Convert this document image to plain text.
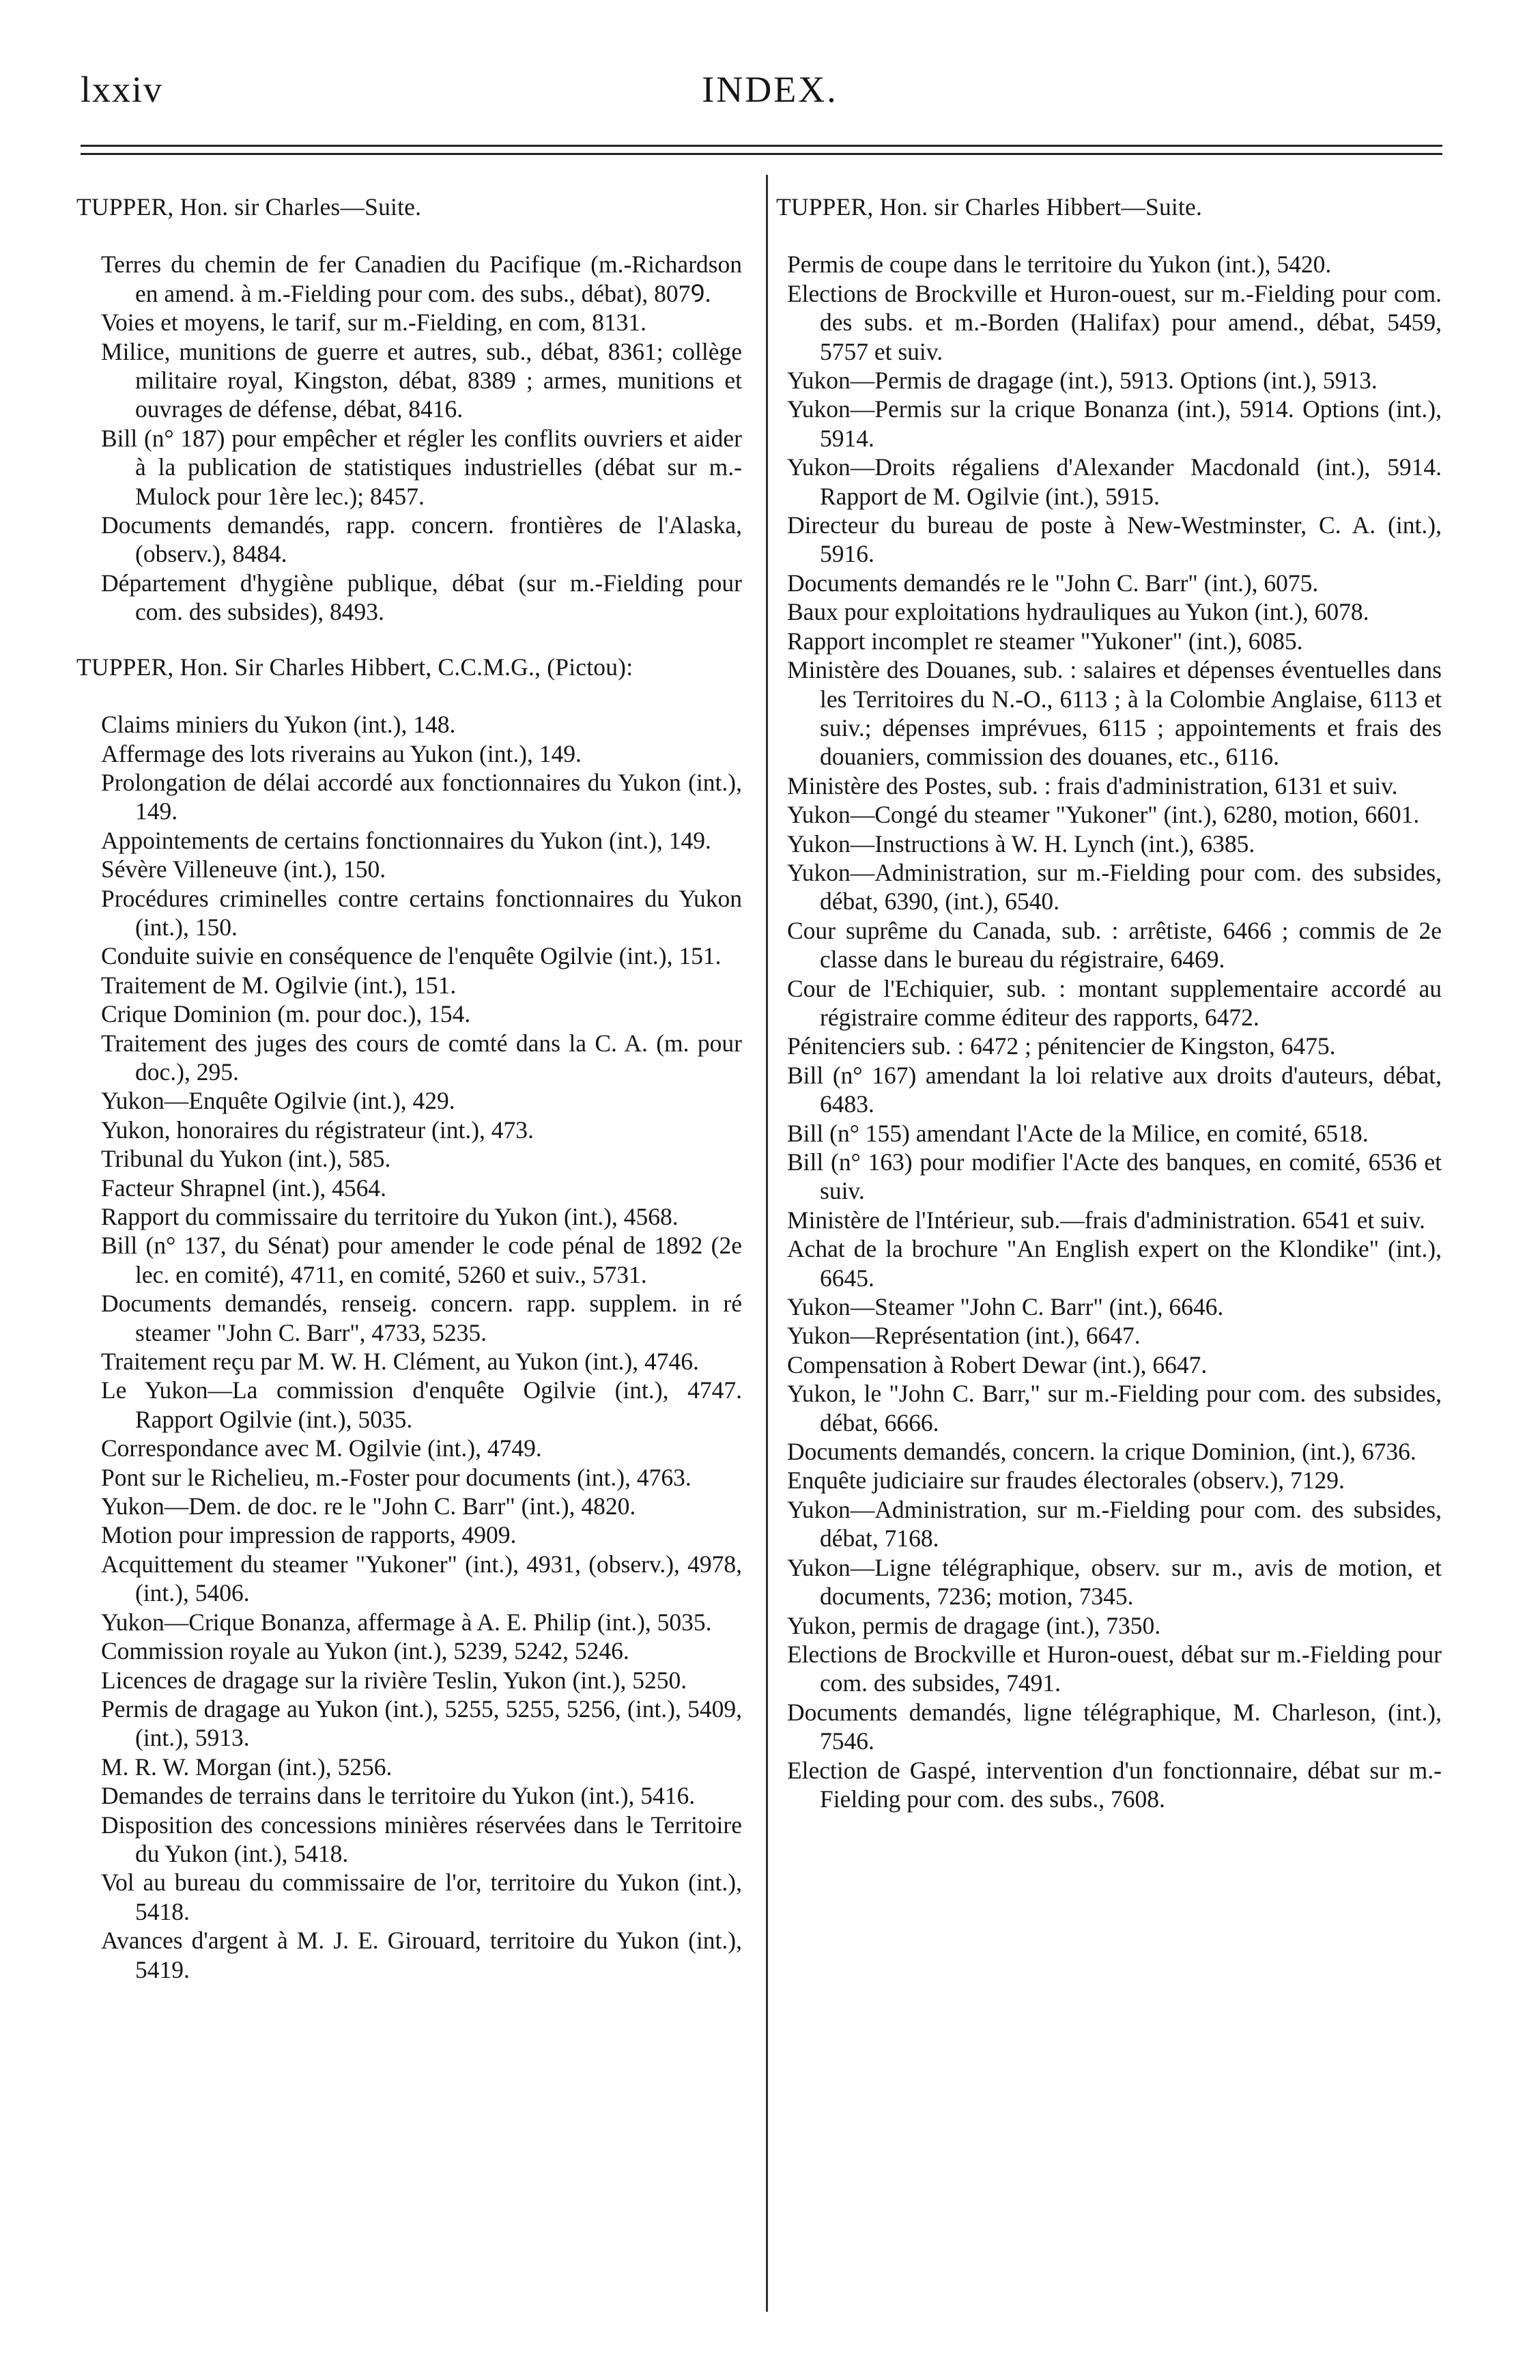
lxxiv	INDEX.

TUPPER, Hon. sir Charles—Suite.

Terres du chemin de fer Canadien du Pacifique (m.-Richardson en amend. à m.-Fielding pour com. des subs., débat), 807Ꝯ.

Voies et moyens, le tarif, sur m.-Fielding, en com, 8131.

Milice, munitions de guerre et autres, sub., débat, 8361; collège militaire royal, Kingston, débat, 8389 ; armes, munitions et ouvrages de défense, débat, 8416.

Bill (n° 187) pour empêcher et régler les conflits ouvriers et aider à la publication de statistiques industrielles (débat sur m.-Mulock pour 1ère lec.); 8457.

Documents demandés, rapp. concern. frontières de l'Alaska, (observ.), 8484.

Département d'hygiène publique, débat (sur m.-Fielding pour com. des subsides), 8493.

TUPPER, Hon. Sir Charles Hibbert, C.C.M.G., (Pictou):

Claims miniers du Yukon (int.), 148.

Affermage des lots riverains au Yukon (int.), 149.

Prolongation de délai accordé aux fonctionnaires du Yukon (int.), 149.

Appointements de certains fonctionnaires du Yukon (int.), 149.

Sévère Villeneuve (int.), 150.

Procédures criminelles contre certains fonctionnaires du Yukon (int.), 150.

Conduite suivie en conséquence de l'enquête Ogilvie (int.), 151.

Traitement de M. Ogilvie (int.), 151.

Crique Dominion (m. pour doc.), 154.

Traitement des juges des cours de comté dans la C. A. (m. pour doc.), 295.

Yukon—Enquête Ogilvie (int.), 429.

Yukon, honoraires du régistrateur (int.), 473.

Tribunal du Yukon (int.), 585.

Facteur Shrapnel (int.), 4564.

Rapport du commissaire du territoire du Yukon (int.), 4568.

Bill (n° 137, du Sénat) pour amender le code pénal de 1892 (2e lec. en comité), 4711, en comité, 5260 et suiv., 5731.

Documents demandés, renseig. concern. rapp. supplem. in ré steamer "John C. Barr", 4733, 5235.

Traitement reçu par M. W. H. Clément, au Yukon (int.), 4746.

Le Yukon—La commission d'enquête Ogilvie (int.), 4747. Rapport Ogilvie (int.), 5035.

Correspondance avec M. Ogilvie (int.), 4749.

Pont sur le Richelieu, m.-Foster pour documents (int.), 4763.

Yukon—Dem. de doc. re le "John C. Barr" (int.), 4820.

Motion pour impression de rapports, 4909.

Acquittement du steamer "Yukoner" (int.), 4931, (observ.), 4978, (int.), 5406.

Yukon—Crique Bonanza, affermage à A. E. Philip (int.), 5035.

Commission royale au Yukon (int.), 5239, 5242, 5246.

Licences de dragage sur la rivière Teslin, Yukon (int.), 5250.

Permis de dragage au Yukon (int.), 5255, 5255, 5256, (int.), 5409, (int.), 5913.

M. R. W. Morgan (int.), 5256.

Demandes de terrains dans le territoire du Yukon (int.), 5416.

Disposition des concessions minières réservées dans le Territoire du Yukon (int.), 5418.

Vol au bureau du commissaire de l'or, territoire du Yukon (int.), 5418.

Avances d'argent à M. J. E. Girouard, territoire du Yukon (int.), 5419.

TUPPER, Hon. sir Charles Hibbert—Suite.

Permis de coupe dans le territoire du Yukon (int.), 5420.

Elections de Brockville et Huron-ouest, sur m.-Fielding pour com. des subs. et m.-Borden (Halifax) pour amend., débat, 5459, 5757 et suiv.

Yukon—Permis de dragage (int.), 5913. Options (int.), 5913.

Yukon—Permis sur la crique Bonanza (int.), 5914. Options (int.), 5914.

Yukon—Droits régaliens d'Alexander Macdonald (int.), 5914. Rapport de M. Ogilvie (int.), 5915.

Directeur du bureau de poste à New-Westminster, C. A. (int.), 5916.

Documents demandés re le "John C. Barr" (int.), 6075.

Baux pour exploitations hydrauliques au Yukon (int.), 6078.

Rapport incomplet re steamer "Yukoner" (int.), 6085.

Ministère des Douanes, sub. : salaires et dépenses éventuelles dans les Territoires du N.-O., 6113 ; à la Colombie Anglaise, 6113 et suiv.; dépenses imprévues, 6115 ; appointements et frais des douaniers, commission des douanes, etc., 6116.

Ministère des Postes, sub. : frais d'administration, 6131 et suiv.

Yukon—Congé du steamer "Yukoner" (int.), 6280, motion, 6601.

Yukon—Instructions à W. H. Lynch (int.), 6385.

Yukon—Administration, sur m.-Fielding pour com. des subsides, débat, 6390, (int.), 6540.

Cour suprême du Canada, sub. : arrêtiste, 6466 ; commis de 2e classe dans le bureau du régistraire, 6469.

Cour de l'Echiquier, sub. : montant supplementaire accordé au régistraire comme éditeur des rapports, 6472.

Pénitenciers sub. : 6472 ; pénitencier de Kingston, 6475.

Bill (n° 167) amendant la loi relative aux droits d'auteurs, débat, 6483.

Bill (n° 155) amendant l'Acte de la Milice, en comité, 6518.

Bill (n° 163) pour modifier l'Acte des banques, en comité, 6536 et suiv.

Ministère de l'Intérieur, sub.—frais d'administration. 6541 et suiv.

Achat de la brochure "An English expert on the Klondike" (int.), 6645.

Yukon—Steamer "John C. Barr" (int.), 6646.

Yukon—Représentation (int.), 6647.

Compensation à Robert Dewar (int.), 6647.

Yukon, le "John C. Barr," sur m.-Fielding pour com. des subsides, débat, 6666.

Documents demandés, concern. la crique Dominion, (int.), 6736.

Enquête judiciaire sur fraudes électorales (observ.), 7129.

Yukon—Administration, sur m.-Fielding pour com. des subsides, débat, 7168.

Yukon—Ligne télégraphique, observ. sur m., avis de motion, et documents, 7236; motion, 7345.

Yukon, permis de dragage (int.), 7350.

Elections de Brockville et Huron-ouest, débat sur m.-Fielding pour com. des subsides, 7491.

Documents demandés, ligne télégraphique, M. Charleson, (int.), 7546.

Election de Gaspé, intervention d'un fonctionnaire, débat sur m.-Fielding pour com. des subs., 7608.
